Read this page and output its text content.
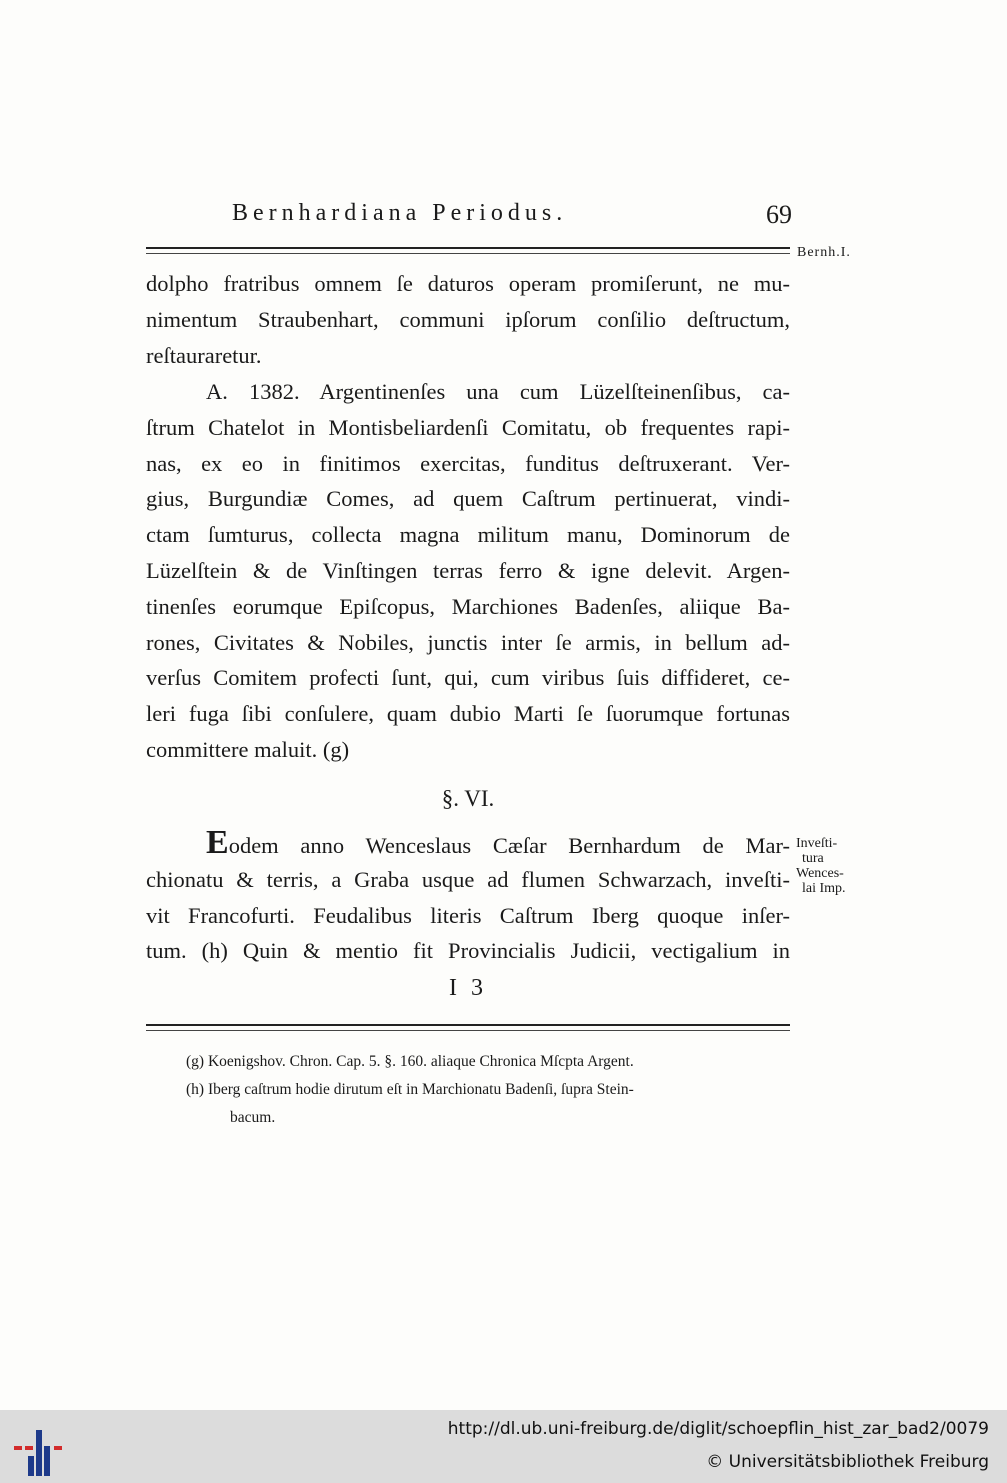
Bernhardiana Periodus.	69
Bernh.I.
dolpho fratribus omnem ſe daturos operam promiſerunt, ne mu-
nimentum Straubenhart, communi ipſorum conſilio deſtructum,
reſtauraretur.
A. 1382. Argentinenſes una cum Lüzelſteinenſibus, ca-
ſtrum Chatelot in Montisbeliardenſi Comitatu, ob frequentes rapi-
nas, ex eo in finitimos exercitas, funditus deſtruxerant. Ver-
gius, Burgundiæ Comes, ad quem Caſtrum pertinuerat, vindi-
ctam ſumturus, collecta magna militum manu, Dominorum de
Lüzelſtein & de Vinſtingen terras ferro & igne delevit. Argen-
tinenſes eorumque Epiſcopus, Marchiones Badenſes, aliique Ba-
rones, Civitates & Nobiles, junctis inter ſe armis, in bellum ad-
verſus Comitem profecti ſunt, qui, cum viribus ſuis diffideret, ce-
leri fuga ſibi conſulere, quam dubio Marti ſe ſuorumque fortunas
committere maluit. (g)
§. VI.
Eodem anno Wenceslaus Cæſar Bernhardum de Mar-
chionatu & terris, a Graba usque ad flumen Schwarzach, inveſti-
vit Francofurti. Feudalibus literis Caſtrum Iberg quoque inſer-
tum. (h) Quin & mentio fit Provincialis Judicii, vectigalium in
Inveſti-
tura
Wences-
lai Imp.
I 3
(g) Koenigshov. Chron. Cap. 5. §. 160. aliaque Chronica Mſcpta Argent.
(h) Iberg caſtrum hodie dirutum eſt in Marchionatu Badenſi, ſupra Stein-
bacum.
http://dl.ub.uni-freiburg.de/diglit/schoepflin_hist_zar_bad2/0079
© Universitätsbibliothek Freiburg
